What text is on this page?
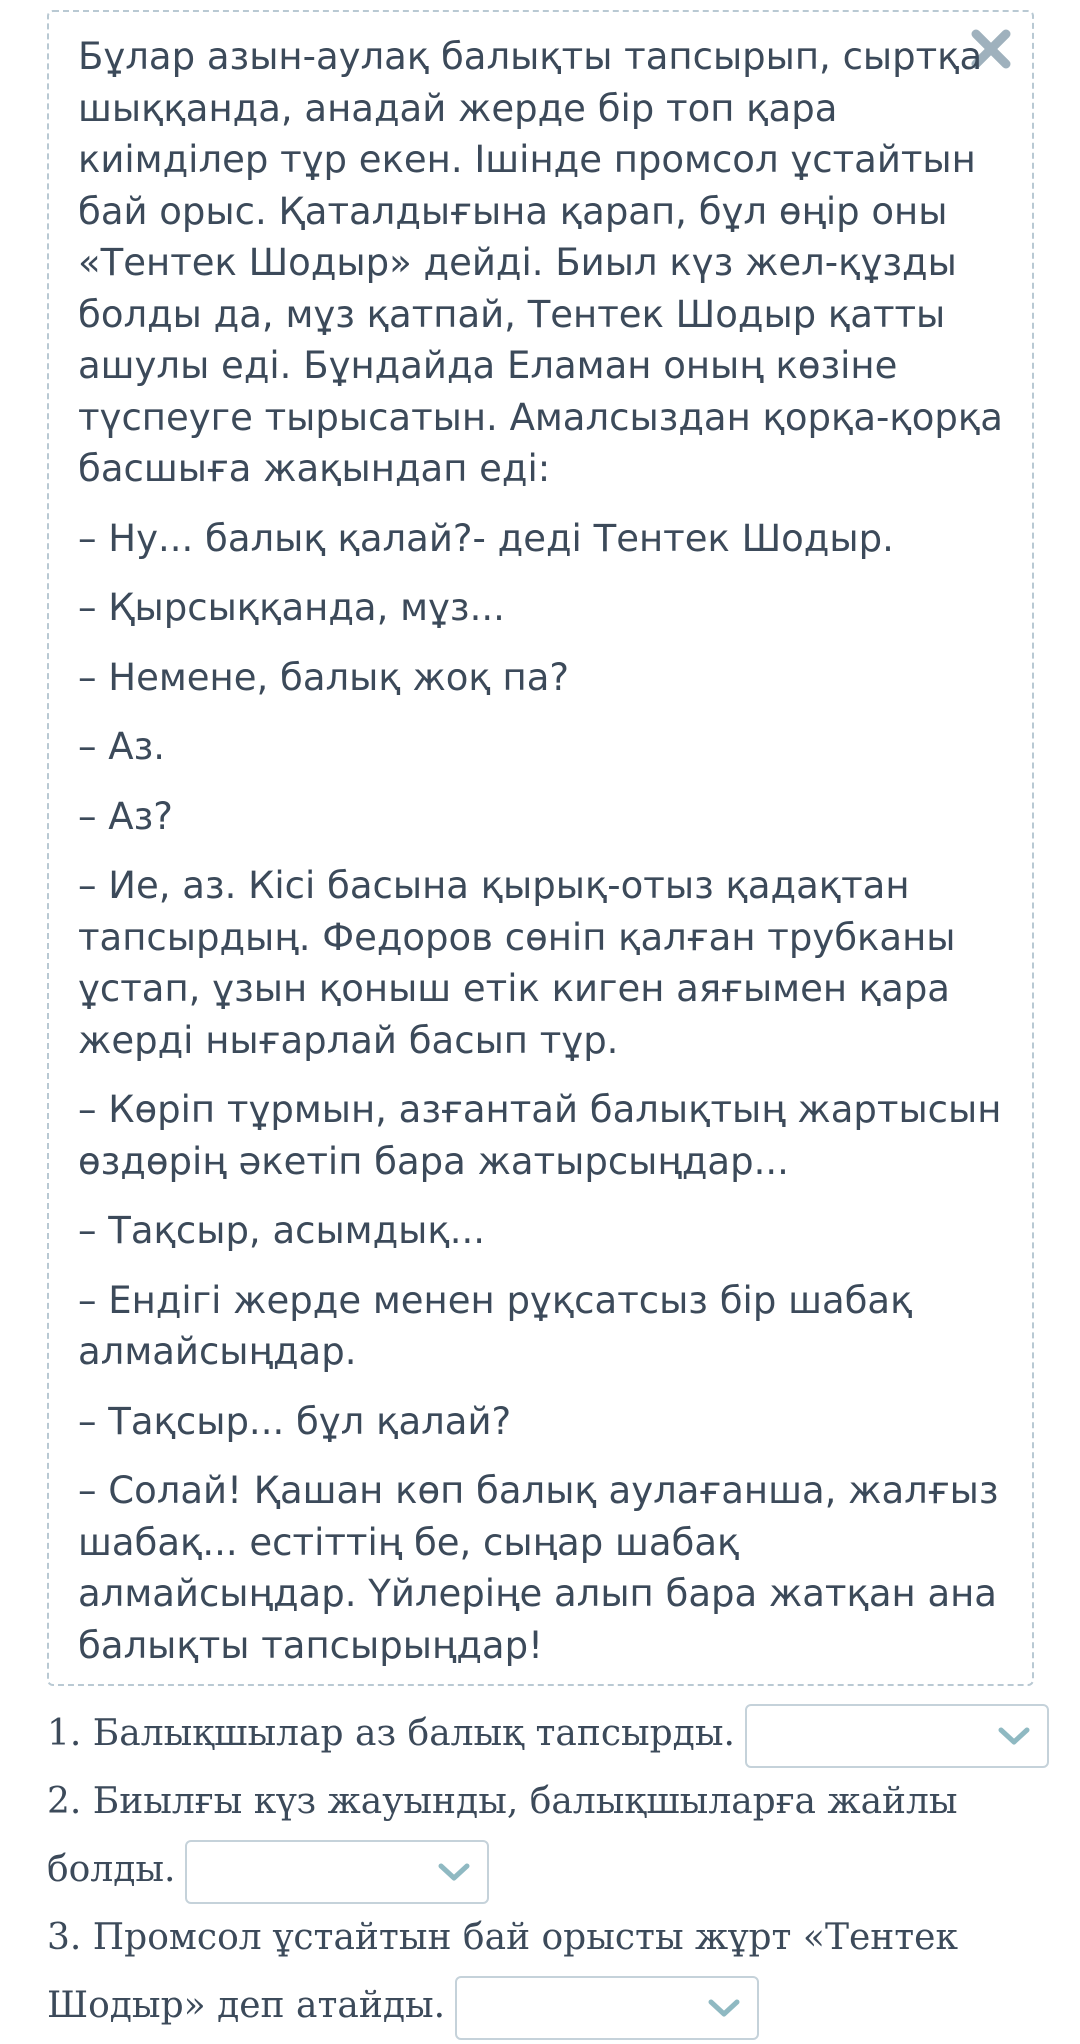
Бұлар азын-аулақ балықты тапсырып, сыртқа шыққанда, анадай жерде бір топ қара киімділер тұр екен. Ішінде промсол ұстайтын бай орыс. Қаталдығына қарап, бұл өңір оны «Тентек Шодыр» дейді. Биыл күз жел-құзды болды да, мұз қатпай, Тентек Шодыр қатты ашулы еді. Бұндайда Еламан оның көзіне түспеуге тырысатын. Амалсыздан қорқа-қорқа басшыға жақындап еді:

– Ну... балық қалай?- деді Тентек Шодыр.

– Қырсыққанда, мұз...

– Немене, балық жоқ па?

– Аз.

– Аз?

– Ие, аз. Кісі басына қырық-отыз қадақтан тапсырдың. Федоров сөніп қалған трубканы ұстап, ұзын қоныш етік киген аяғымен қара жерді нығарлай басып тұр.

– Көріп тұрмын, азғантай балықтың жартысын өздөрің әкетіп бара жатырсыңдар...

– Тақсыр, асымдық...

– Ендігі жерде менен рұқсатсыз бір шабақ алмайсыңдар.

– Тақсыр... бұл қалай?

– Солай! Қашан көп балық аулағанша, жалғыз шабақ... естіттің бе, сыңар шабақ алмайсыңдар. Үйлеріңе алып бара жатқан ана балықты тапсырыңдар!

1. Балықшылар аз балық тапсырды.
2. Биылғы күз жауынды, балықшыларға жайлы
болды.
3. Промсол ұстайтын бай орысты жұрт «Тентек
Шодыр» деп атайды.
